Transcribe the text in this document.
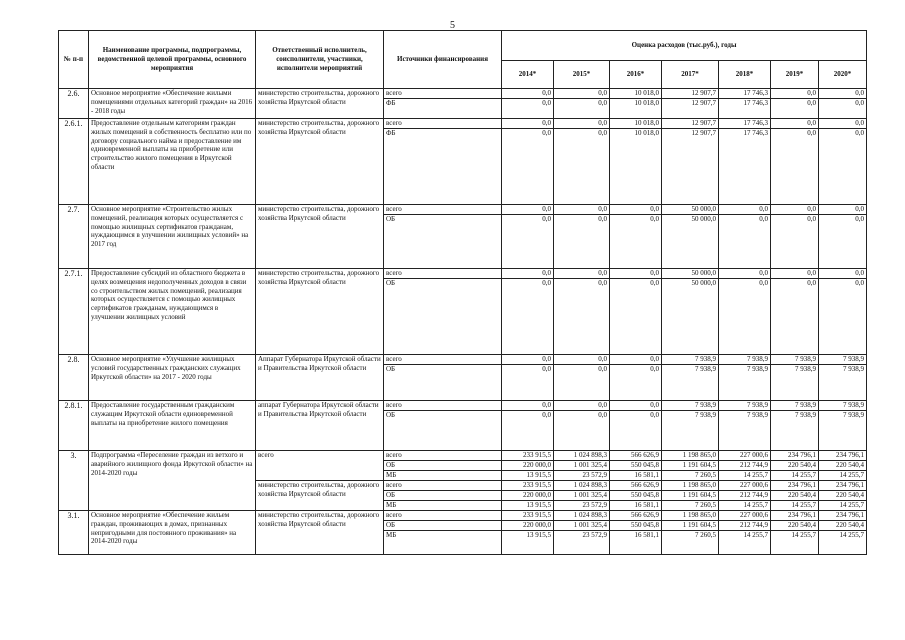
5
№ п-п	Наименование программы, подпрограммы, ведомственной целевой программы, основного мероприятия	Ответственный исполнитель, соисполнители, участники, исполнители мероприятий	Источники финансирования	Оценка расходов (тыс.руб.), годы						
				2014*	2015*	2016*	2017*	2018*	2019*	2020*
2.6.	Основное мероприятие «Обеспечение жилыми помещениями отдельных категорий граждан» на 2016 - 2018 годы	министерство строительства, дорожного хозяйства Иркутской области	всего	0,0	0,0	10 018,0	12 907,7	17 746,3	0,0	0,0
			ФБ	0,0	0,0	10 018,0	12 907,7	17 746,3	0,0	0,0
2.6.1.	Предоставление отдельным категориям граждан жилых помещений в собственность бесплатно или по договору социального найма и предоставление им единовременной выплаты на приобретение или строительство жилого помещения в Иркутской области	министерство строительства, дорожного хозяйства Иркутской области	всего	0,0	0,0	10 018,0	12 907,7	17 746,3	0,0	0,0
			ФБ	0,0	0,0	10 018,0	12 907,7	17 746,3	0,0	0,0
2.7.	Основное мероприятие «Строительство жилых помещений, реализация которых осуществляется с помощью жилищных сертификатов гражданам, нуждающимся в улучшении жилищных условий» на 2017 год	министерство строительства, дорожного хозяйства Иркутской области	всего	0,0	0,0	0,0	50 000,0	0,0	0,0	0,0
			ОБ	0,0	0,0	0,0	50 000,0	0,0	0,0	0,0
2.7.1.	Предоставление субсидий из областного бюджета в целях возмещения недополученных доходов в связи со строительством жилых помещений, реализация которых осуществляется с помощью жилищных сертификатов гражданам, нуждающимся в улучшении жилищных условий	министерство строительства, дорожного хозяйства Иркутской области	всего	0,0	0,0	0,0	50 000,0	0,0	0,0	0,0
			ОБ	0,0	0,0	0,0	50 000,0	0,0	0,0	0,0
2.8.	Основное мероприятие «Улучшение жилищных условий государственных гражданских служащих Иркутской области» на 2017 - 2020 годы	Аппарат Губернатора Иркутской области и Правительства Иркутской области	всего	0,0	0,0	0,0	7 938,9	7 938,9	7 938,9	7 938,9
			ОБ	0,0	0,0	0,0	7 938,9	7 938,9	7 938,9	7 938,9
2.8.1.	Предоставление государственным гражданским служащим Иркутской области единовременной выплаты на приобретение жилого помещения	аппарат Губернатора Иркутской области и Правительства Иркутской области	всего	0,0	0,0	0,0	7 938,9	7 938,9	7 938,9	7 938,9
			ОБ	0,0	0,0	0,0	7 938,9	7 938,9	7 938,9	7 938,9
3.	Подпрограмма «Переселение граждан из ветхого и аварийного жилищного фонда Иркутской области» на 2014-2020 годы	всего	всего	233 915,5	1 024 898,3	566 626,9	1 198 865,0	227 000,6	234 796,1	234 796,1
			ОБ	220 000,0	1 001 325,4	550 045,8	1 191 604,5	212 744,9	220 540,4	220 540,4
			МБ	13 915,5	23 572,9	16 581,1	7 260,5	14 255,7	14 255,7	14 255,7
		министерство строительства, дорожного хозяйства Иркутской области	всего	233 915,5	1 024 898,3	566 626,9	1 198 865,0	227 000,6	234 796,1	234 796,1
			ОБ	220 000,0	1 001 325,4	550 045,8	1 191 604,5	212 744,9	220 540,4	220 540,4
			МБ	13 915,5	23 572,9	16 581,1	7 260,5	14 255,7	14 255,7	14 255,7
3.1.	Основное мероприятие «Обеспечение жильем граждан, проживающих в домах, признанных непригодными для постоянного проживания» на 2014-2020 годы	министерство строительства, дорожного хозяйства Иркутской области	всего	233 915,5	1 024 898,3	566 626,9	1 198 865,0	227 000,6	234 796,1	234 796,1
			ОБ	220 000,0	1 001 325,4	550 045,8	1 191 604,5	212 744,9	220 540,4	220 540,4
			МБ	13 915,5	23 572,9	16 581,1	7 260,5	14 255,7	14 255,7	14 255,7
